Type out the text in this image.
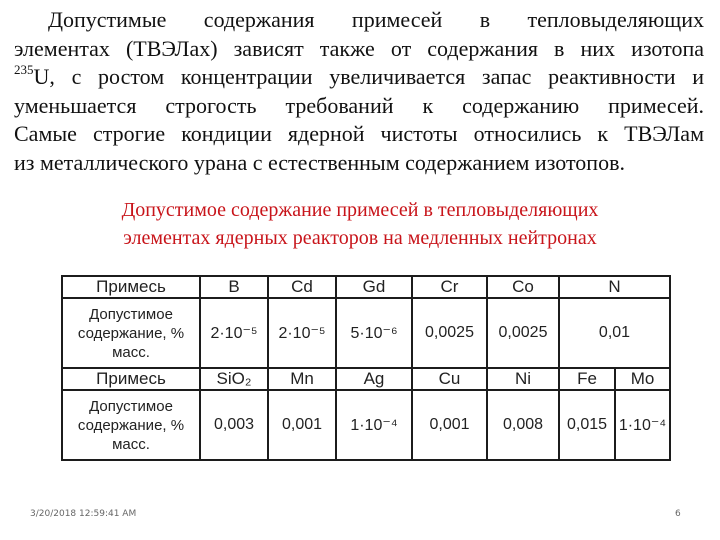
Допустимые содержания примесей в тепловыделяющих
элементах (ТВЭЛах) зависят также от содержания в них изотопа
$^{235}$U, с ростом концентрации увеличивается запас реактивности и
уменьшается строгость требований к содержанию примесей.
Самые строгие кондиции ядерной чистоты относились к ТВЭЛам
из металлического урана с естественным содержанием изотопов.
Допустимое содержание примесей в тепловыделяющих
элементах ядерных реакторов на медленных нейтронах
Примесь	B	Cd	Gd	Cr	Co	N	
Допустимое содержание, % масс.	2·10⁻⁵	2·10⁻⁵	5·10⁻⁶	0,0025	0,0025	0,01	
Примесь	SiO₂	Mn	Ag	Cu	Ni	Fe	Mo
Допустимое содержание, % масс.	0,003	0,001	1·10⁻⁴	0,001	0,008	0,015	1·10⁻⁴
3/20/2018 12:59:41 AM	6
